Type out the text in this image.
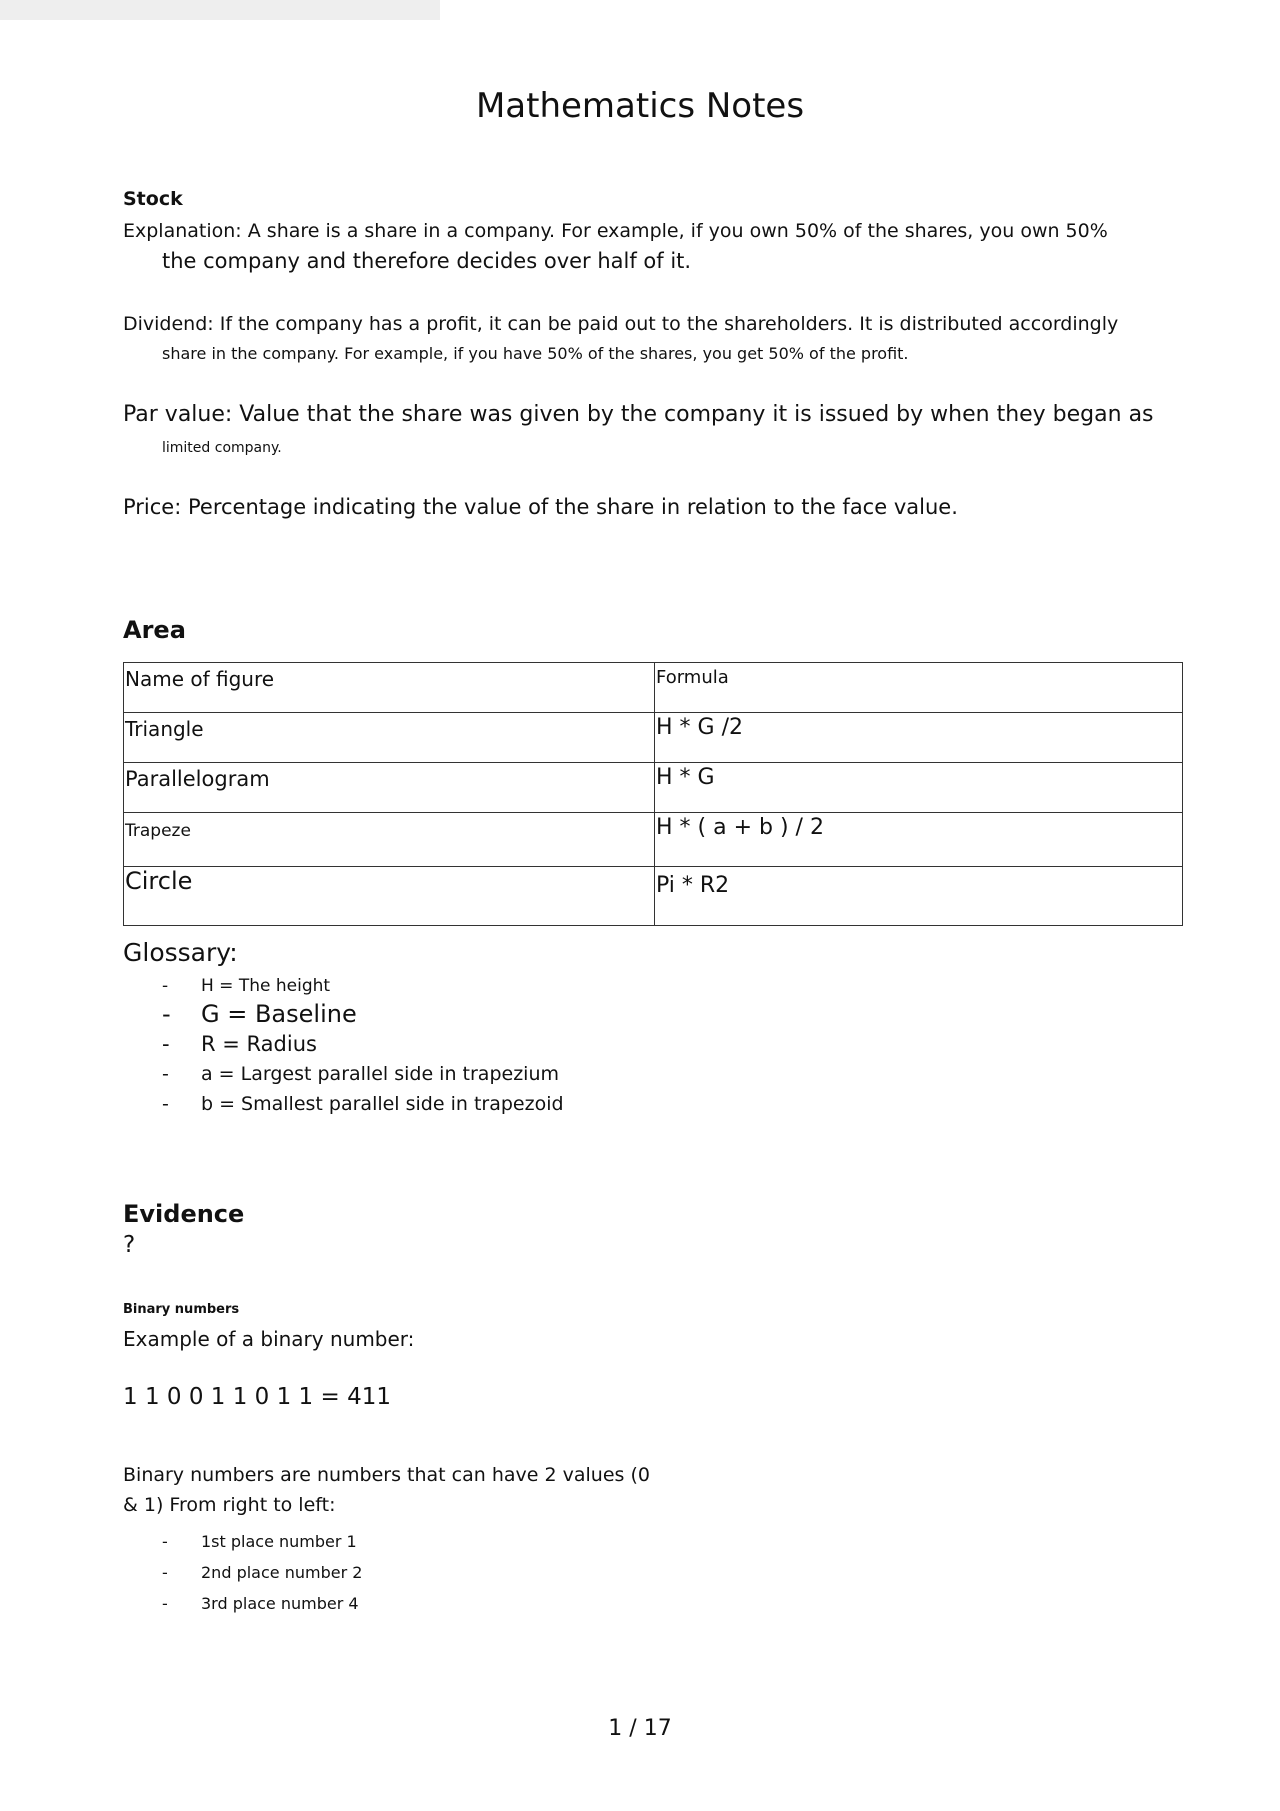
Mathematics Notes
Stock
Explanation: A share is a share in a company. For example, if you own 50% of the shares, you own 50%
the company and therefore decides over half of it.
Dividend: If the company has a profit, it can be paid out to the shareholders. It is distributed accordingly
share in the company. For example, if you have 50% of the shares, you get 50% of the profit.
Par value: Value that the share was given by the company it is issued by when they began as
limited company.
Price: Percentage indicating the value of the share in relation to the face value.
Area
Name of figure	Formula
Triangle	H * G /2
Parallelogram	H * G
Trapeze	H * ( a + b ) / 2
Circle	Pi * R2
Glossary:
- H = The height
- G = Baseline
- R = Radius
- a = Largest parallel side in trapezium
- b = Smallest parallel side in trapezoid
Evidence
?
Binary numbers
Example of a binary number:
1 1 0 0 1 1 0 1 1 = 411
Binary numbers are numbers that can have 2 values (0
& 1) From right to left:
- 1st place number 1
- 2nd place number 2
- 3rd place number 4
1 / 17
